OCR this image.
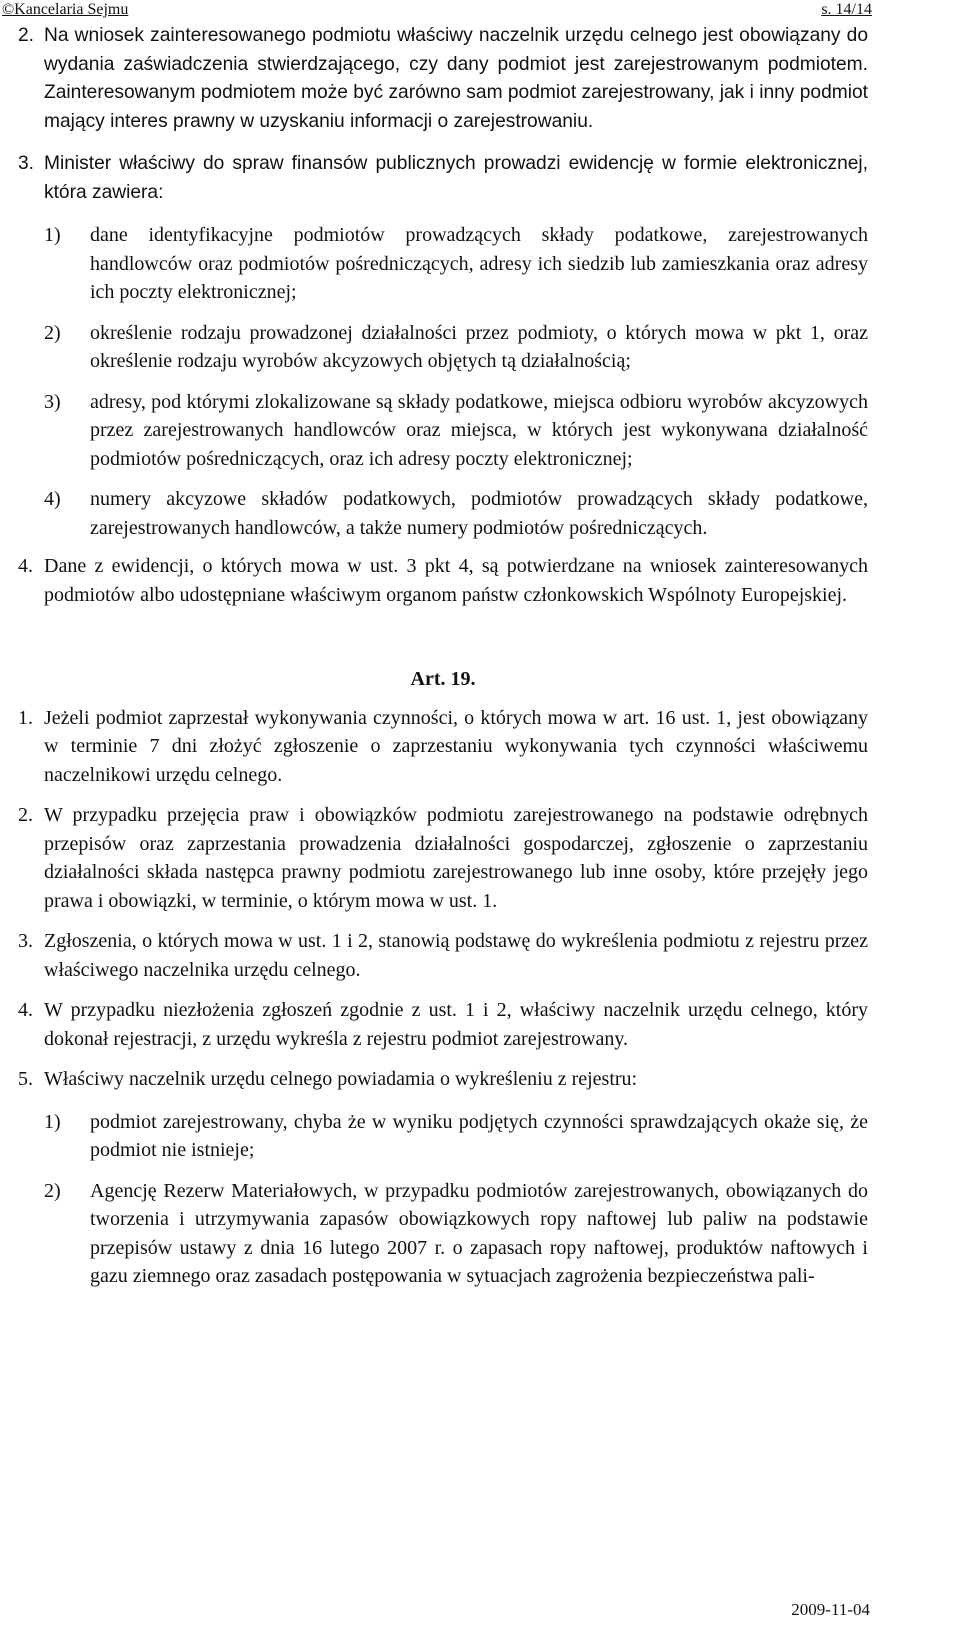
©Kancelaria Sejmu	s. 14/14
2. Na wniosek zainteresowanego podmiotu właściwy naczelnik urzędu celnego jest obowiązany do wydania zaświadczenia stwierdzającego, czy dany podmiot jest zarejestrowanym podmiotem. Zainteresowanym podmiotem może być zarówno sam podmiot zarejestrowany, jak i inny podmiot mający interes prawny w uzyskaniu informacji o zarejestrowaniu.
3. Minister właściwy do spraw finansów publicznych prowadzi ewidencję w formie elektronicznej, która zawiera:
1)	dane identyfikacyjne podmiotów prowadzących składy podatkowe, zarejestrowanych handlowców oraz podmiotów pośredniczących, adresy ich siedzib lub zamieszkania oraz adresy ich poczty elektronicznej;
2)	określenie rodzaju prowadzonej działalności przez podmioty, o których mowa w pkt 1, oraz określenie rodzaju wyrobów akcyzowych objętych tą działalnością;
3)	adresy, pod którymi zlokalizowane są składy podatkowe, miejsca odbioru wyrobów akcyzowych przez zarejestrowanych handlowców oraz miejsca, w których jest wykonywana działalność podmiotów pośredniczących, oraz ich adresy poczty elektronicznej;
4)	numery akcyzowe składów podatkowych, podmiotów prowadzących składy podatkowe, zarejestrowanych handlowców, a także numery podmiotów pośredniczących.
4. Dane z ewidencji, o których mowa w ust. 3 pkt 4, są potwierdzane na wniosek zainteresowanych podmiotów albo udostępniane właściwym organom państw członkowskich Wspólnoty Europejskiej.
Art. 19.
1. Jeżeli podmiot zaprzestał wykonywania czynności, o których mowa w art. 16 ust. 1, jest obowiązany w terminie 7 dni złożyć zgłoszenie o zaprzestaniu wykonywania tych czynności właściwemu naczelnikowi urzędu celnego.
2. W przypadku przejęcia praw i obowiązków podmiotu zarejestrowanego na podstawie odrębnych przepisów oraz zaprzestania prowadzenia działalności gospodarczej, zgłoszenie o zaprzestaniu działalności składa następca prawny podmiotu zarejestrowanego lub inne osoby, które przejęły jego prawa i obowiązki, w terminie, o którym mowa w ust. 1.
3. Zgłoszenia, o których mowa w ust. 1 i 2, stanowią podstawę do wykreślenia podmiotu z rejestru przez właściwego naczelnika urzędu celnego.
4. W przypadku niezłożenia zgłoszeń zgodnie z ust. 1 i 2, właściwy naczelnik urzędu celnego, który dokonał rejestracji, z urzędu wykreśla z rejestru podmiot zarejestrowany.
5. Właściwy naczelnik urzędu celnego powiadamia o wykreśleniu z rejestru:
1)	podmiot zarejestrowany, chyba że w wyniku podjętych czynności sprawdzających okaże się, że podmiot nie istnieje;
2)	Agencję Rezerw Materiałowych, w przypadku podmiotów zarejestrowanych, obowiązanych do tworzenia i utrzymywania zapasów obowiązkowych ropy naftowej lub paliw na podstawie przepisów ustawy z dnia 16 lutego 2007 r. o zapasach ropy naftowej, produktów naftowych i gazu ziemnego oraz zasadach postępowania w sytuacjach zagrożenia bezpieczeństwa pali-
2009-11-04
